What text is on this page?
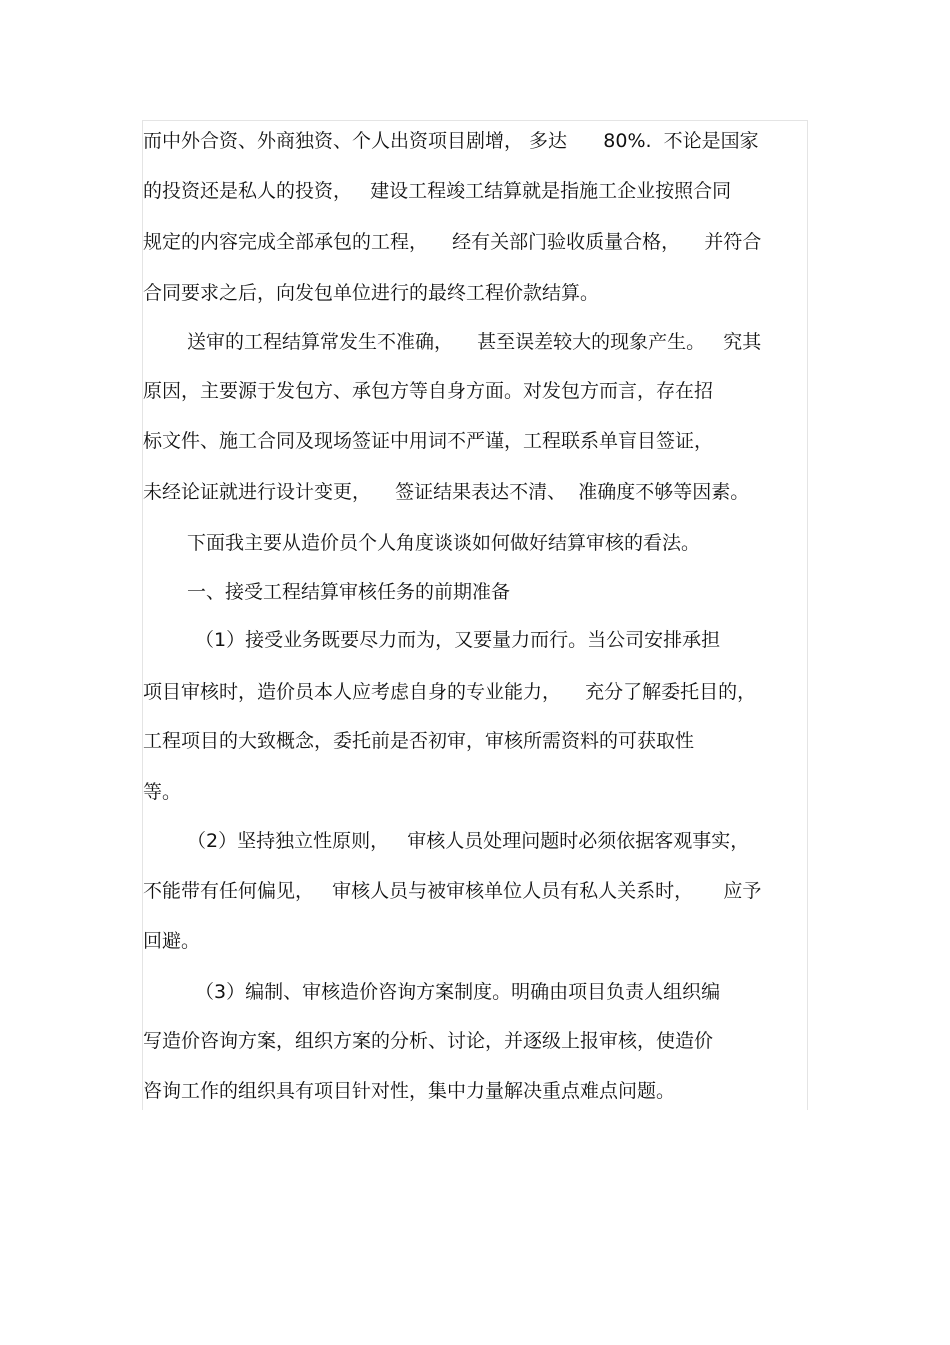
而中外合资、外商独资、个人出资项目剧增， 多达      80%.  不论是国家
的投资还是私人的投资，   建设工程竣工结算就是指施工企业按照合同
规定的内容完成全部承包的工程，    经有关部门验收质量合格，    并符合
合同要求之后，向发包单位进行的最终工程价款结算。
送审的工程结算常发生不准确，    甚至误差较大的现象产生。   究其
原因，主要源于发包方、承包方等自身方面。对发包方而言，存在招
标文件、施工合同及现场签证中用词不严谨，工程联系单盲目签证，
未经论证就进行设计变更，    签证结果表达不清、  准确度不够等因素。
下面我主要从造价员个人角度谈谈如何做好结算审核的看法。
一、接受工程结算审核任务的前期准备
（1）接受业务既要尽力而为，又要量力而行。当公司安排承担
项目审核时，造价员本人应考虑自身的专业能力，    充分了解委托目的，
工程项目的大致概念，委托前是否初审，审核所需资料的可获取性
等。
（2）坚持独立性原则，   审核人员处理问题时必须依据客观事实，
不能带有任何偏见，   审核人员与被审核单位人员有私人关系时，     应予
回避。
（3）编制、审核造价咨询方案制度。明确由项目负责人组织编
写造价咨询方案，组织方案的分析、讨论，并逐级上报审核，使造价
咨询工作的组织具有项目针对性，集中力量解决重点难点问题。
